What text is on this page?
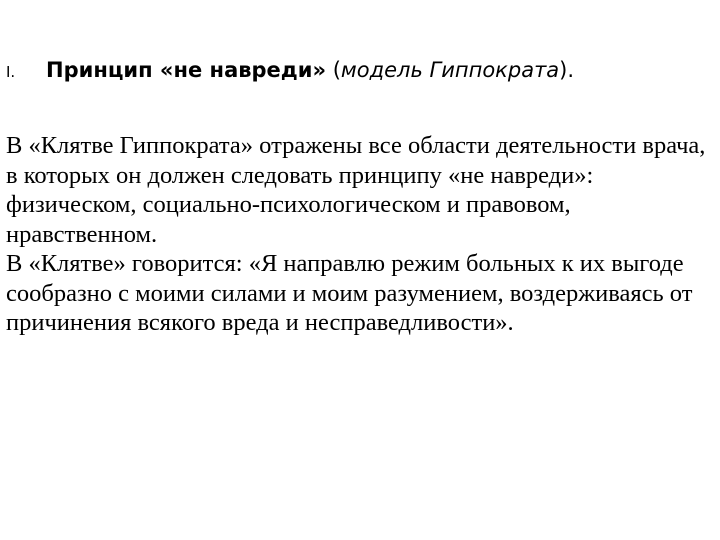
I. Принцип «не навреди» (модель Гиппократа).

В «Клятве Гиппократа» отражены все области деятельности врача, в которых он должен следовать принципу «не навреди»: физическом, социально-психологическом и правовом, нравственном.

В «Клятве» говорится: «Я направлю режим больных к их выгоде сообразно с моими силами и моим разумением, воздерживаясь от причинения всякого вреда и несправедливости».
